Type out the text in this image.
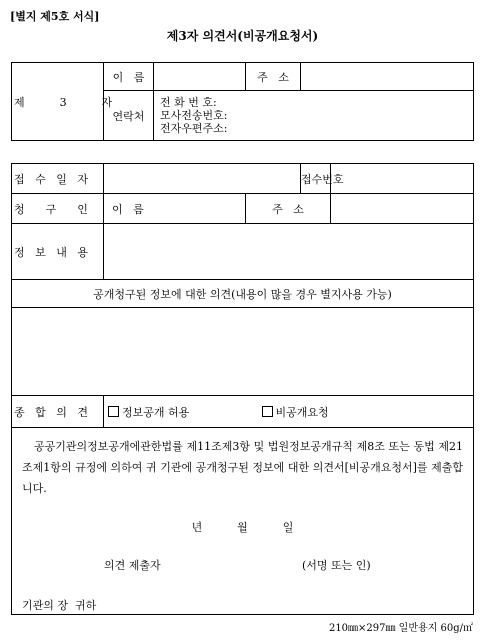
[별지 제5호 서식]
제3자 의견서(비공개요청서)
제          3          자	이   름		주   소	
	연락처	전 화 번 호:
모사전송번호:
전자우편주소:		
접   수   일   자			접수번호	
청      구      인	이   름	주   소		
정   보   내   용				
공개청구된 정보에 대한 의견(내용이 많을 경우 별지사용 가능)				

종   합   의   견	정보공개 허용 비공개요청			

공공기관의정보공개에관한법률 제11조제3항 및 법원정보공개규칙 제8조 또는 동법 제21조제1항의 규정에 의하여 귀 기관에 공개청구된 정보에 대한 의견서[비공개요청서]를 제출합니다.
년          월          일
의견 제출자 (서명 또는 인)
기관의 장  귀하				
210㎜×297㎜ 일반용지 60g/㎡
